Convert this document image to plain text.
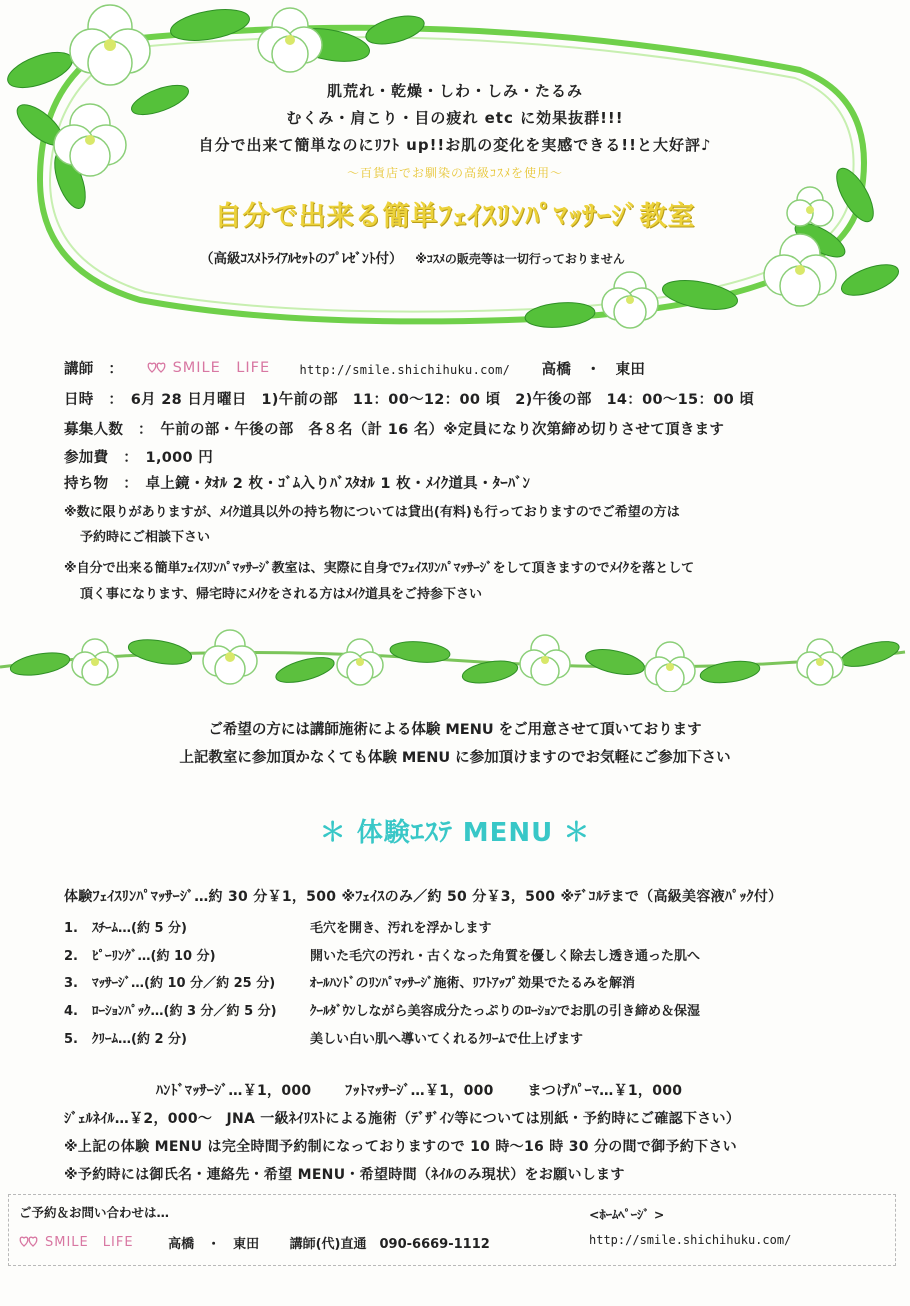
肌荒れ・乾燥・しわ・しみ・たるみ
むくみ・肩こり・目の疲れ etc に効果抜群!!!
自分で出来て簡単なのにﾘﾌﾄ up!!お肌の変化を実感できる!!と大好評♪
～百貨店でお馴染の高級ｺｽﾒを使用～
自分で出来る簡単ﾌｪｲｽﾘﾝﾊﾟﾏｯｻｰｼﾞ教室
（高級ｺｽﾒﾄﾗｲｱﾙｾｯﾄのﾌﾟﾚｾﾞﾝﾄ付） ※ｺｽﾒの販売等は一切行っておりません
講師　：	SMILE　LIFE http://smile.shichihuku.com/ 高橋　・　東田
日時　：　6月 28 日月曜日　1)午前の部　11：00～12：00 頃　2)午後の部　14：00～15：00 頃
募集人数　：　午前の部・午後の部　各８名（計 16 名）※定員になり次第締め切りさせて頂きます
参加費　：　1,000 円
持ち物　：　卓上鏡・ﾀｵﾙ 2 枚・ｺﾞﾑ入りﾊﾞｽﾀｵﾙ 1 枚・ﾒｲｸ道具・ﾀｰﾊﾞﾝ
※数に限りがありますが、ﾒｲｸ道具以外の持ち物については貸出(有料)も行っておりますのでご希望の方は
予約時にご相談下さい
※自分で出来る簡単ﾌｪｲｽﾘﾝﾊﾟﾏｯｻｰｼﾞ教室は、実際に自身でﾌｪｲｽﾘﾝﾊﾟﾏｯｻｰｼﾞをして頂きますのでﾒｲｸを落として
頂く事になります、帰宅時にﾒｲｸをされる方はﾒｲｸ道具をご持参下さい
ご希望の方には講師施術による体験 MENU をご用意させて頂いております
上記教室に参加頂かなくても体験 MENU に参加頂けますのでお気軽にご参加下さい
＊ 体験ｴｽﾃ MENU ＊
体験ﾌｪｲｽﾘﾝﾊﾟﾏｯｻｰｼﾞ…約 30 分￥1，500 ※ﾌｪｲｽのみ／約 50 分￥3，500 ※ﾃﾞｺﾙﾃまで（高級美容液ﾊﾟｯｸ付）
1. ｽﾁｰﾑ…(約 5 分)	毛穴を開き、汚れを浮かします
2. ﾋﾟｰﾘﾝｸﾞ…(約 10 分)	開いた毛穴の汚れ・古くなった角質を優しく除去し透き通った肌へ
3. ﾏｯｻｰｼﾞ…(約 10 分／約 25 分)	ｵｰﾙﾊﾝﾄﾞのﾘﾝﾊﾟﾏｯｻｰｼﾞ施術、ﾘﾌﾄｱｯﾌﾟ効果でたるみを解消
4. ﾛｰｼｮﾝﾊﾟｯｸ…(約 3 分／約 5 分)	ｸｰﾙﾀﾞｳﾝしながら美容成分たっぷりのﾛｰｼｮﾝでお肌の引き締め＆保湿
5. ｸﾘｰﾑ…(約 2 分)	美しい白い肌へ導いてくれるｸﾘｰﾑで仕上げます
ﾊﾝﾄﾞﾏｯｻｰｼﾞ…￥1，000　　 ﾌｯﾄﾏｯｻｰｼﾞ…￥1，000　　 まつげﾊﾟｰﾏ…￥1，000
ｼﾞｪﾙﾈｲﾙ…￥2，000～　JNA 一級ﾈｲﾘｽﾄによる施術（ﾃﾞｻﾞｲﾝ等については別紙・予約時にご確認下さい）
※上記の体験 MENU は完全時間予約制になっておりますので 10 時～16 時 30 分の間で御予約下さい
※予約時には御氏名・連絡先・希望 MENU・希望時間（ﾈｲﾙのみ現状）をお願いします
ご予約＆お問い合わせは…
SMILE　LIFE	高橋　・　東田 講師(代)直通　090-6669-1112
<ﾎｰﾑﾍﾟｰｼﾞ >
http://smile.shichihuku.com/
